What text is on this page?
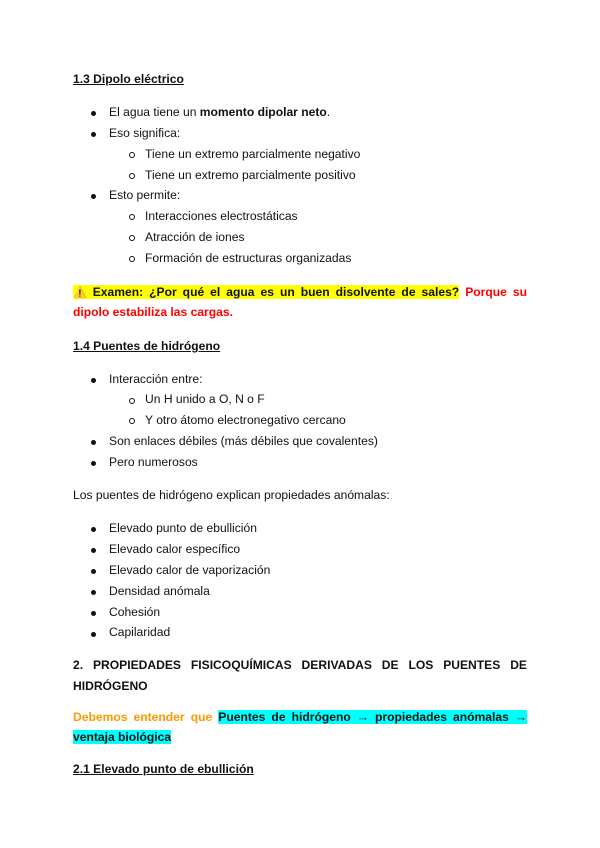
1.3 Dipolo eléctrico
El agua tiene un momento dipolar neto.
Eso significa:
Tiene un extremo parcialmente negativo
Tiene un extremo parcialmente positivo
Esto permite:
Interacciones electrostáticas
Atracción de iones
Formación de estructuras organizadas
⚠️ Examen: ¿Por qué el agua es un buen disolvente de sales? Porque su
dipolo estabiliza las cargas.
1.4 Puentes de hidrógeno
Interacción entre:
Un H unido a O, N o F
Y otro átomo electronegativo cercano
Son enlaces débiles (más débiles que covalentes)
Pero numerosos
Los puentes de hidrógeno explican propiedades anómalas:
Elevado punto de ebullición
Elevado calor específico
Elevado calor de vaporización
Densidad anómala
Cohesión
Capilaridad
2. PROPIEDADES FISICOQUÍMICAS DERIVADAS DE LOS PUENTES DE
HIDRÓGENO
Debemos entender que Puentes de hidrógeno → propiedades anómalas →
ventaja biológica
2.1 Elevado punto de ebullición
